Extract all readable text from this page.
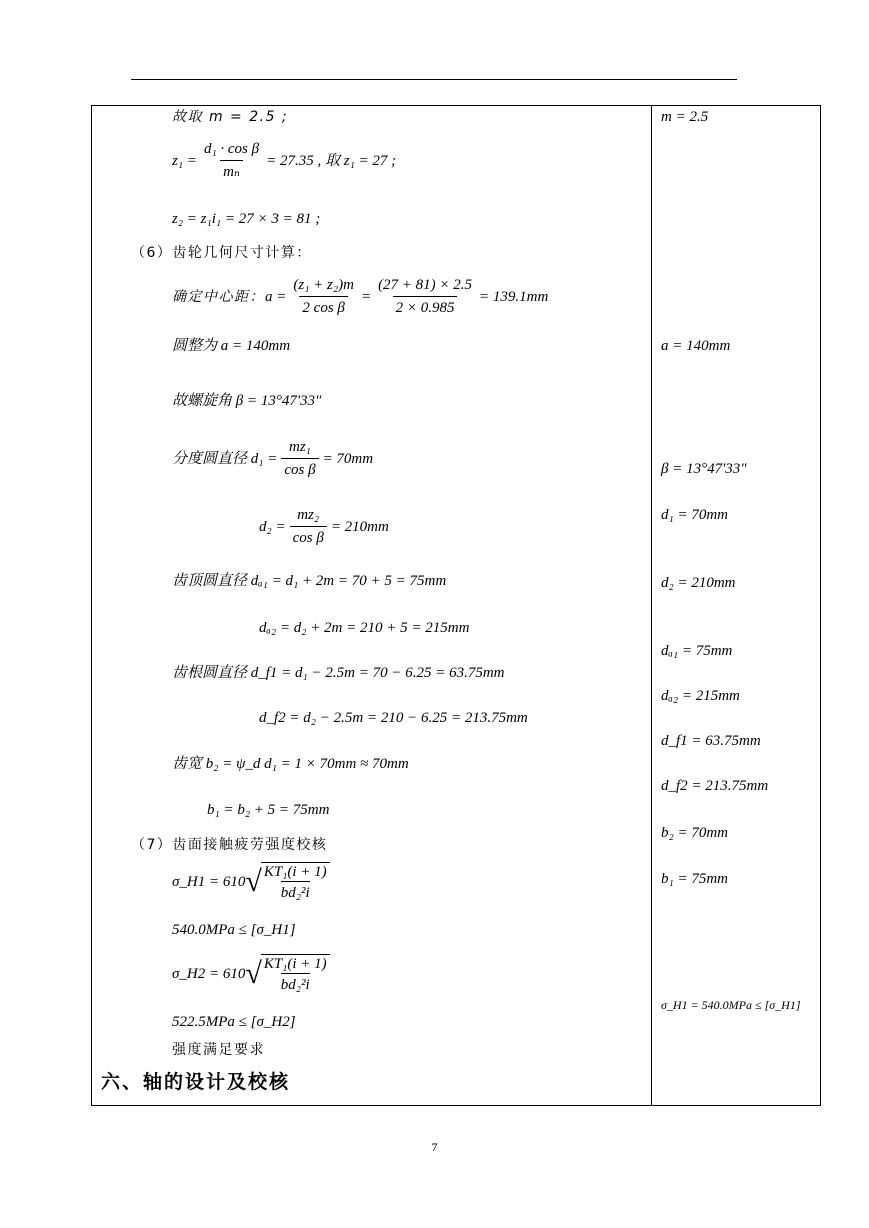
故取 m = 2.5 ;
$z_1 = \frac{\text{d₁ · cos β}}{\text{mₙ}} = 27.35$ , 取 z₁ = 27 ;
z₂ = z₁i₁ = 27 × 3 = 81 ;
（6）齿轮几何尺寸计算：
确定中心距： $a = \frac{\text{(z₁ + z₂)m}}{\text{2 cos β}} = \frac{(27 + 81) \times 2.5}{2 \times 0.985} = 139.1mm$
圆整为 a = 140mm
故螺旋角 β = 13°47'33"
分度圆直径 $d_1 = \frac{\text{mz₁}}{\text{cos β}} = 70mm$
$d_2 = \frac{\text{mz₂}}{\text{cos β}} = 210mm$
齿顶圆直径 dₐ₁ = d₁ + 2m = 70 + 5 = 75mm
dₐ₂ = d₂ + 2m = 210 + 5 = 215mm
齿根圆直径 d_f1 = d₁ − 2.5m = 70 − 6.25 = 63.75mm
d_f2 = d₂ − 2.5m = 210 − 6.25 = 213.75mm
齿宽 b₂ = ψ_d d₁ = 1 × 70mm ≈ 70mm
b₁ = b₂ + 5 = 75mm
（7）齿面接触疲劳强度校核
σ_H1 = 610 √ KT₁(i + 1)
bd₂²i
540.0MPa ≤ [σ_H1]
σ_H2 = 610 √ KT₁(i + 1)
bd₂²i
522.5MPa ≤ [σ_H2]
强度满足要求
六、轴的设计及校核
m = 2.5
a = 140mm
β = 13°47'33"
d₁ = 70mm
d₂ = 210mm
dₐ₁ = 75mm
dₐ₂ = 215mm
d_f1 = 63.75mm
d_f2 = 213.75mm
b₂ = 70mm
b₁ = 75mm
σ_H1 = 540.0MPa ≤ [σ_H1]
7
